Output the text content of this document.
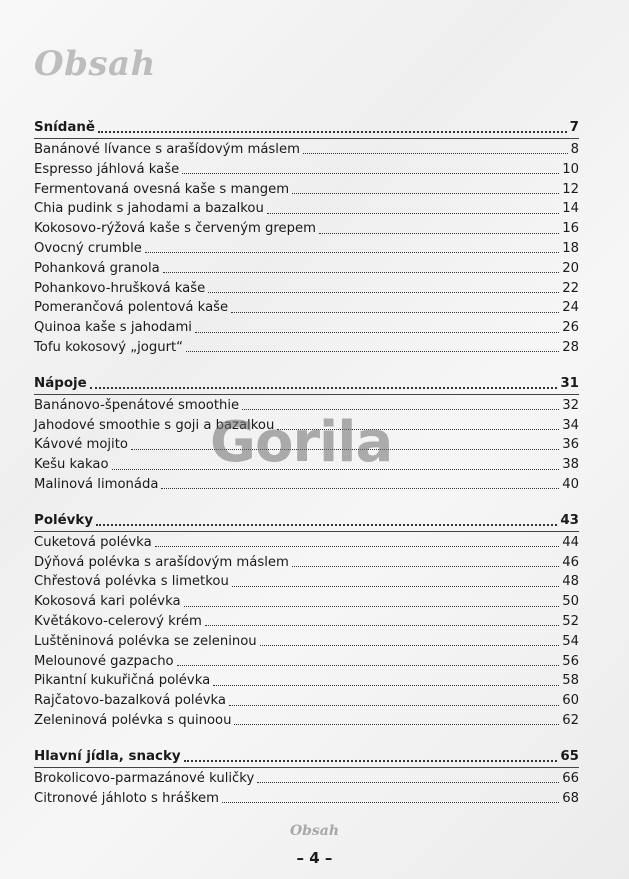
Obsah
Snídaně	7
Banánové lívance s arašídovým máslem	8
Espresso jáhlová kaše	10
Fermentovaná ovesná kaše s mangem	12
Chia pudink s jahodami a bazalkou	14
Kokosovo-rýžová kaše s červeným grepem	16
Ovocný crumble	18
Pohanková granola	20
Pohankovo-hrušková kaše	22
Pomerančová polentová kaše	24
Quinoa kaše s jahodami	26
Tofu kokosový „jogurt“	28
Nápoje	31
Banánovo-špenátové smoothie	32
Jahodové smoothie s goji a bazalkou	34
Kávové mojito	36
Kešu kakao	38
Malinová limonáda	40
Polévky	43
Cuketová polévka	44
Dýňová polévka s arašídovým máslem	46
Chřestová polévka s limetkou	48
Kokosová kari polévka	50
Květákovo-celerový krém	52
Luštěninová polévka se zeleninou	54
Melounové gazpacho	56
Pikantní kukuřičná polévka	58
Rajčatovo-bazalková polévka	60
Zeleninová polévka s quinoou	62
Hlavní jídla, snacky	65
Brokolicovo-parmazánové kuličky	66
Citronové jáhloto s hráškem	68
Gorila
Obsah
– 4 –
